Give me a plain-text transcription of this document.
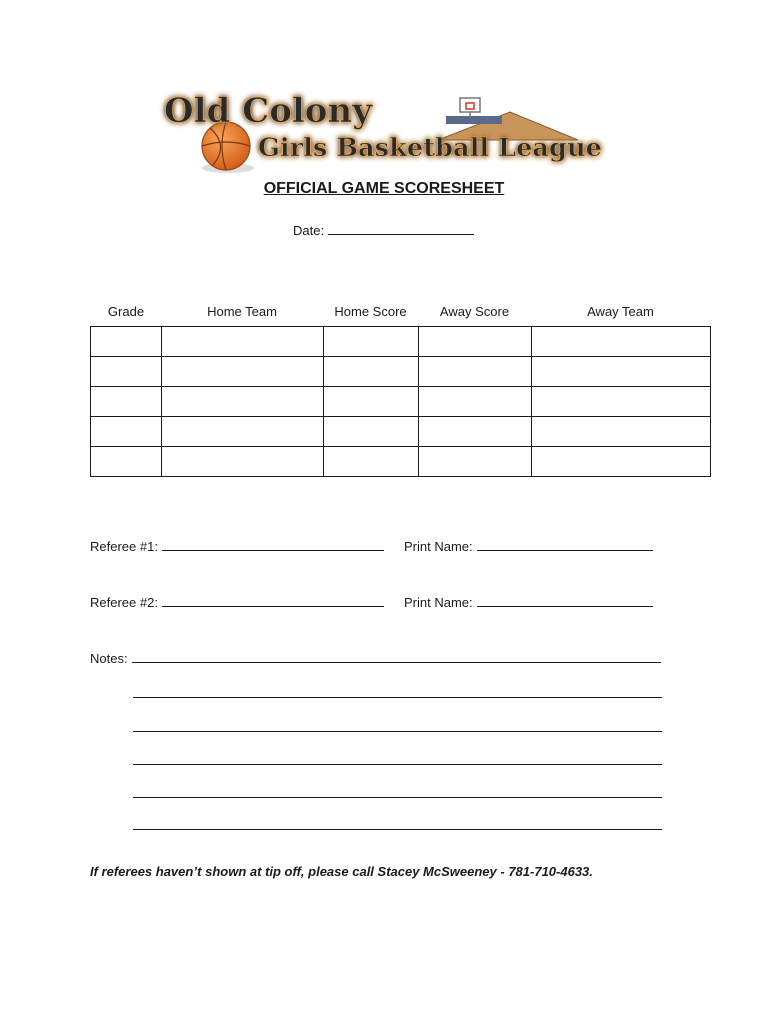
Old Colony
Girls Basketball League
OFFICIAL GAME SCORESHEET
Date:
Grade	Home Team	Home Score	Away Score	Away Team

Referee #1:	Print Name:
Referee #2:	Print Name:
Notes:
If referees haven’t shown at tip off, please call Stacey McSweeney - 781-710-4633.
